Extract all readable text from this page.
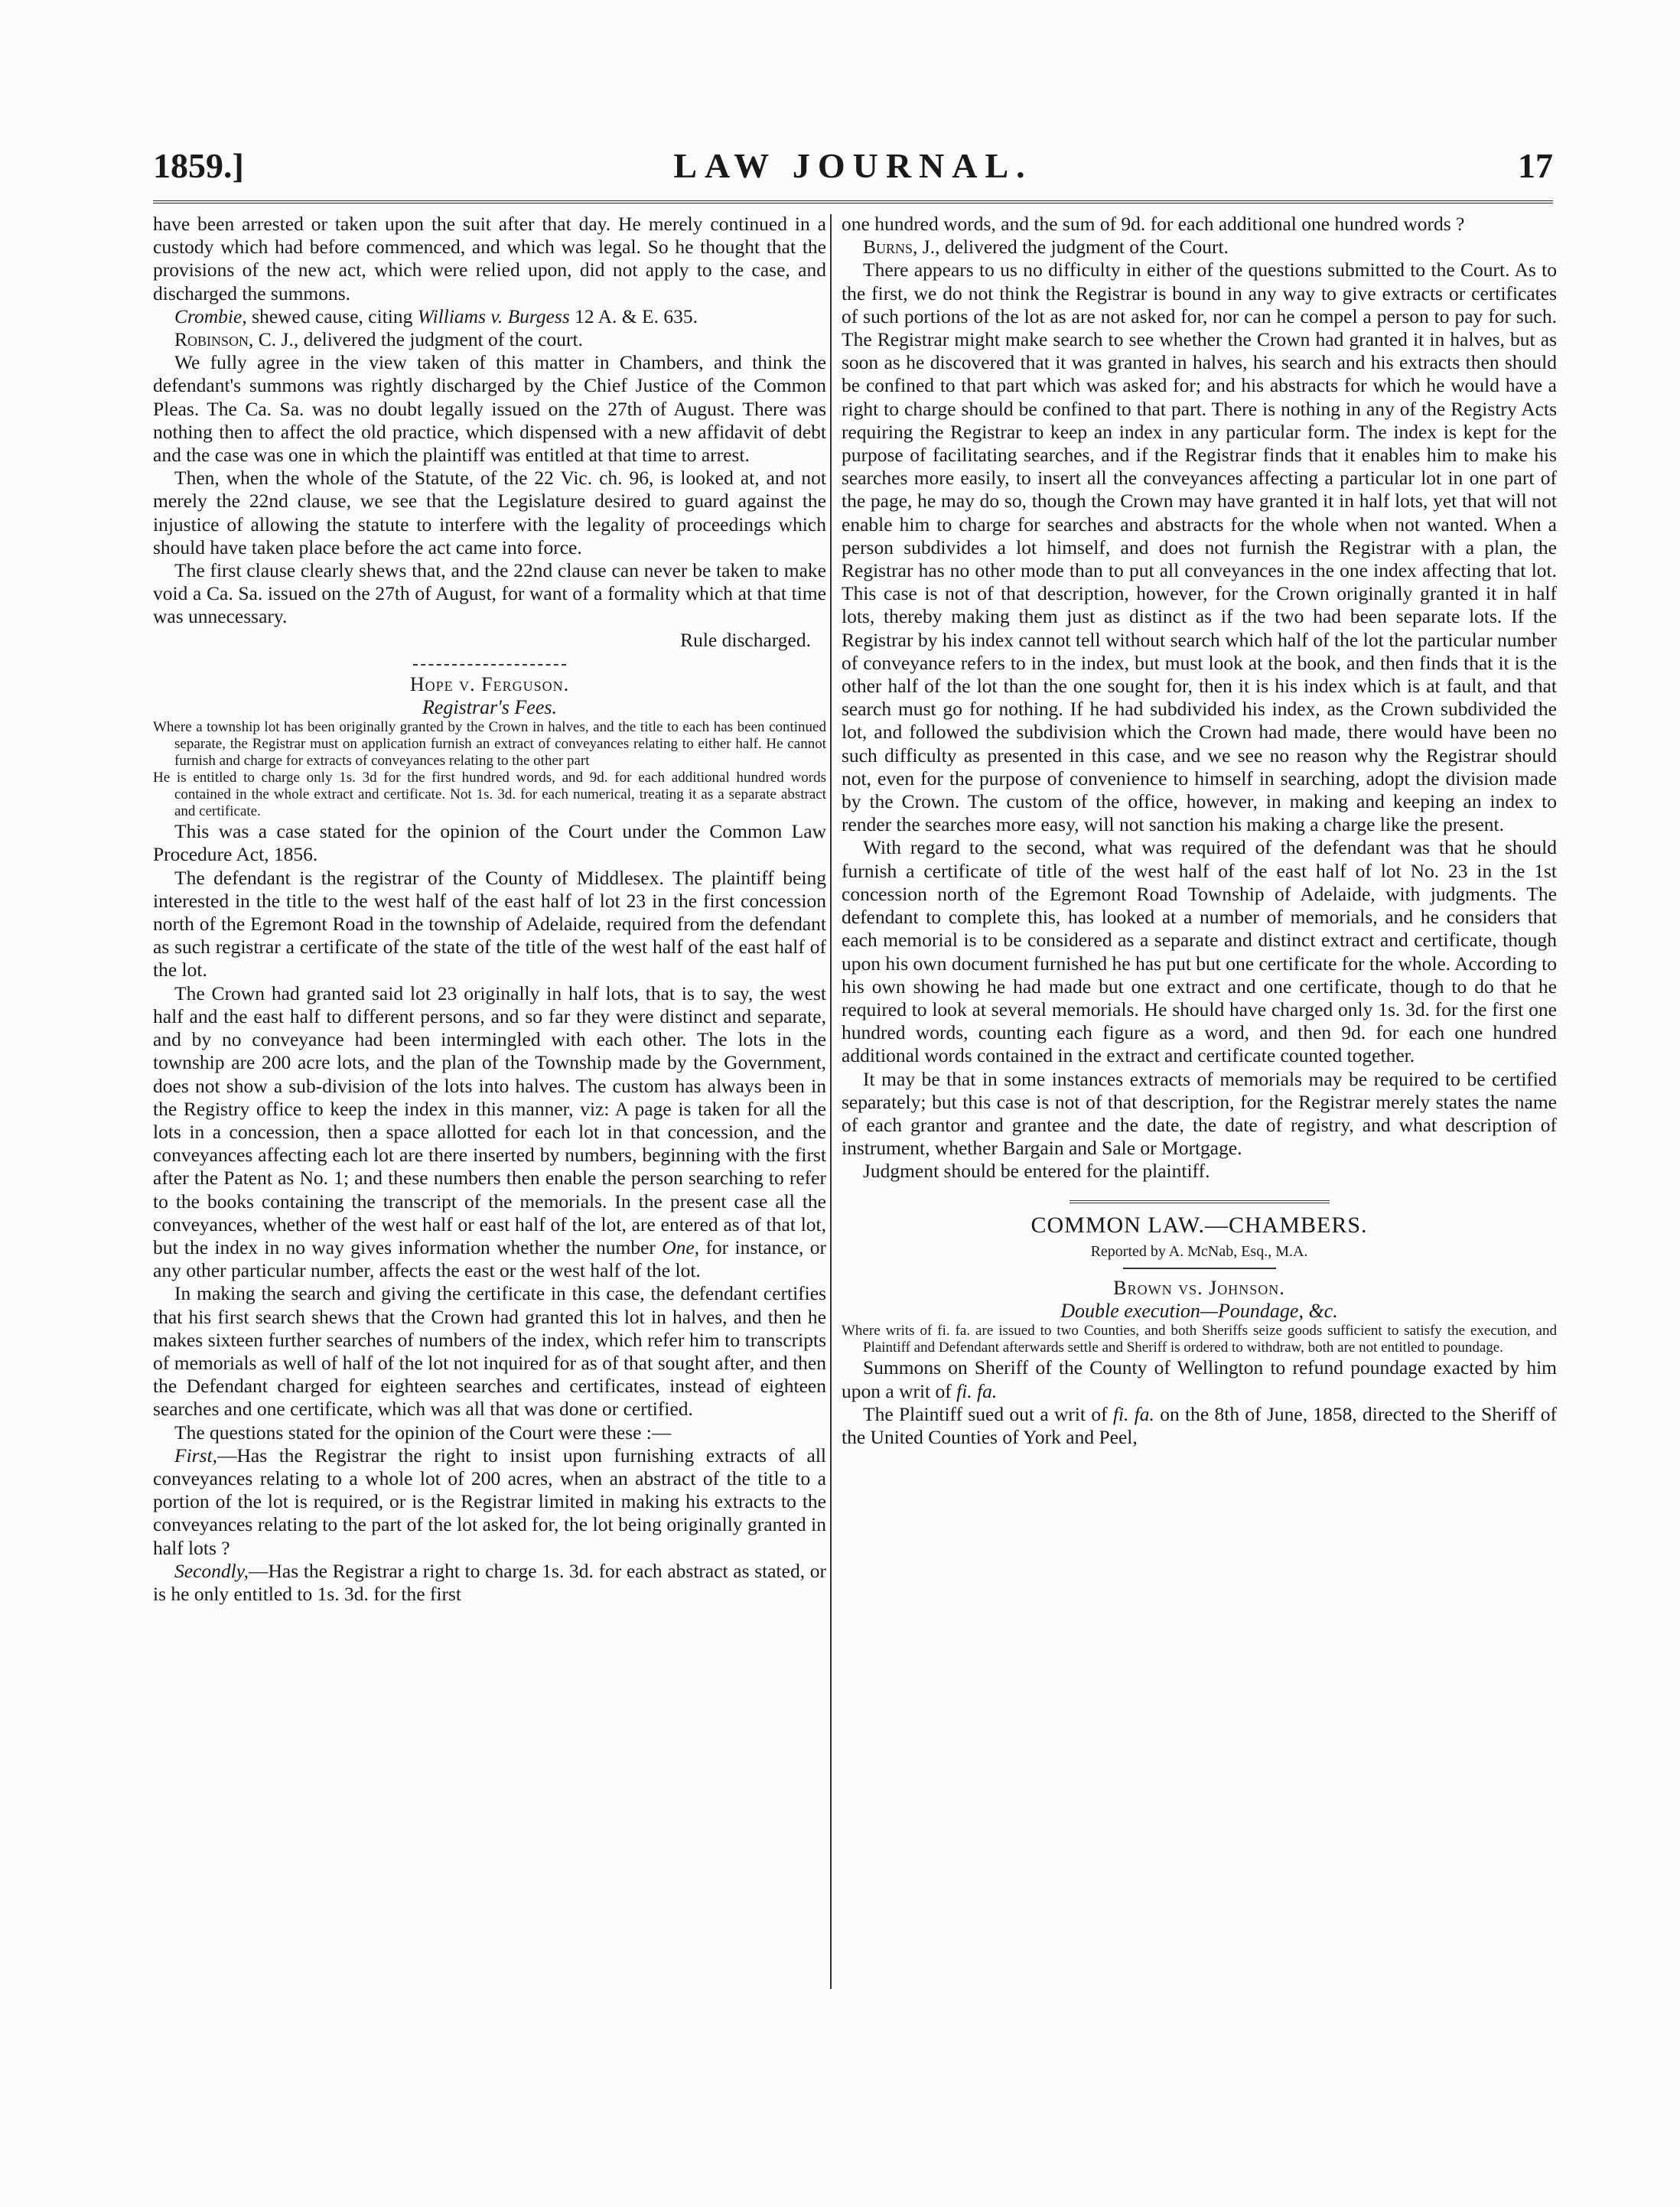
1859.]	LAW JOURNAL.	17

have been arrested or taken upon the suit after that day. He merely continued in a custody which had before commenced, and which was legal. So he thought that the provisions of the new act, which were relied upon, did not apply to the case, and discharged the summons.

Crombie, shewed cause, citing Williams v. Burgess 12 A. & E. 635.

Robinson, C. J., delivered the judgment of the court.

We fully agree in the view taken of this matter in Chambers, and think the defendant's summons was rightly discharged by the Chief Justice of the Common Pleas. The Ca. Sa. was no doubt legally issued on the 27th of August. There was nothing then to affect the old practice, which dispensed with a new affidavit of debt and the case was one in which the plaintiff was entitled at that time to arrest.

Then, when the whole of the Statute, of the 22 Vic. ch. 96, is looked at, and not merely the 22nd clause, we see that the Legislature desired to guard against the injustice of allowing the statute to interfere with the legality of proceedings which should have taken place before the act came into force.

The first clause clearly shews that, and the 22nd clause can never be taken to make void a Ca. Sa. issued on the 27th of August, for want of a formality which at that time was unnecessary.

Rule discharged.

Hope v. Ferguson.

Registrar's Fees.

Where a township lot has been originally granted by the Crown in halves, and the title to each has been continued separate, the Registrar must on application furnish an extract of conveyances relating to either half. He cannot furnish and charge for extracts of conveyances relating to the other part
He is entitled to charge only 1s. 3d for the first hundred words, and 9d. for each additional hundred words contained in the whole extract and certificate. Not 1s. 3d. for each numerical, treating it as a separate abstract and certificate.

This was a case stated for the opinion of the Court under the Common Law Procedure Act, 1856.

The defendant is the registrar of the County of Middlesex. The plaintiff being interested in the title to the west half of the east half of lot 23 in the first concession north of the Egremont Road in the township of Adelaide, required from the defendant as such registrar a certificate of the state of the title of the west half of the east half of the lot.

The Crown had granted said lot 23 originally in half lots, that is to say, the west half and the east half to different persons, and so far they were distinct and separate, and by no conveyance had been intermingled with each other. The lots in the township are 200 acre lots, and the plan of the Township made by the Government, does not show a sub-division of the lots into halves. The custom has always been in the Registry office to keep the index in this manner, viz: A page is taken for all the lots in a concession, then a space allotted for each lot in that concession, and the conveyances affecting each lot are there inserted by numbers, beginning with the first after the Patent as No. 1; and these numbers then enable the person searching to refer to the books containing the transcript of the memorials. In the present case all the conveyances, whether of the west half or east half of the lot, are entered as of that lot, but the index in no way gives information whether the number One, for instance, or any other particular number, affects the east or the west half of the lot.

In making the search and giving the certificate in this case, the defendant certifies that his first search shews that the Crown had granted this lot in halves, and then he makes sixteen further searches of numbers of the index, which refer him to transcripts of memorials as well of half of the lot not inquired for as of that sought after, and then the Defendant charged for eighteen searches and certificates, instead of eighteen searches and one certificate, which was all that was done or certified.

The questions stated for the opinion of the Court were these :—

First,—Has the Registrar the right to insist upon furnishing extracts of all conveyances relating to a whole lot of 200 acres, when an abstract of the title to a portion of the lot is required, or is the Registrar limited in making his extracts to the conveyances relating to the part of the lot asked for, the lot being originally granted in half lots ?

Secondly,—Has the Registrar a right to charge 1s. 3d. for each abstract as stated, or is he only entitled to 1s. 3d. for the first

one hundred words, and the sum of 9d. for each additional one hundred words ?

Burns, J., delivered the judgment of the Court.

There appears to us no difficulty in either of the questions submitted to the Court. As to the first, we do not think the Registrar is bound in any way to give extracts or certificates of such portions of the lot as are not asked for, nor can he compel a person to pay for such. The Registrar might make search to see whether the Crown had granted it in halves, but as soon as he discovered that it was granted in halves, his search and his extracts then should be confined to that part which was asked for; and his abstracts for which he would have a right to charge should be confined to that part. There is nothing in any of the Registry Acts requiring the Registrar to keep an index in any particular form. The index is kept for the purpose of facilitating searches, and if the Registrar finds that it enables him to make his searches more easily, to insert all the conveyances affecting a particular lot in one part of the page, he may do so, though the Crown may have granted it in half lots, yet that will not enable him to charge for searches and abstracts for the whole when not wanted. When a person subdivides a lot himself, and does not furnish the Registrar with a plan, the Registrar has no other mode than to put all conveyances in the one index affecting that lot. This case is not of that description, however, for the Crown originally granted it in half lots, thereby making them just as distinct as if the two had been separate lots. If the Registrar by his index cannot tell without search which half of the lot the particular number of conveyance refers to in the index, but must look at the book, and then finds that it is the other half of the lot than the one sought for, then it is his index which is at fault, and that search must go for nothing. If he had subdivided his index, as the Crown subdivided the lot, and followed the subdivision which the Crown had made, there would have been no such difficulty as presented in this case, and we see no reason why the Registrar should not, even for the purpose of convenience to himself in searching, adopt the division made by the Crown. The custom of the office, however, in making and keeping an index to render the searches more easy, will not sanction his making a charge like the present.

With regard to the second, what was required of the defendant was that he should furnish a certificate of title of the west half of the east half of lot No. 23 in the 1st concession north of the Egremont Road Township of Adelaide, with judgments. The defendant to complete this, has looked at a number of memorials, and he considers that each memorial is to be considered as a separate and distinct extract and certificate, though upon his own document furnished he has put but one certificate for the whole. According to his own showing he had made but one extract and one certificate, though to do that he required to look at several memorials. He should have charged only 1s. 3d. for the first one hundred words, counting each figure as a word, and then 9d. for each one hundred additional words contained in the extract and certificate counted together.

It may be that in some instances extracts of memorials may be required to be certified separately; but this case is not of that description, for the Registrar merely states the name of each grantor and grantee and the date, the date of registry, and what description of instrument, whether Bargain and Sale or Mortgage.

Judgment should be entered for the plaintiff.

COMMON LAW.—CHAMBERS.

Reported by A. McNab, Esq., M.A.

Brown vs. Johnson.

Double execution—Poundage, &c.

Where writs of fi. fa. are issued to two Counties, and both Sheriffs seize goods sufficient to satisfy the execution, and Plaintiff and Defendant afterwards settle and Sheriff is ordered to withdraw, both are not entitled to poundage.

Summons on Sheriff of the County of Wellington to refund poundage exacted by him upon a writ of fi. fa.

The Plaintiff sued out a writ of fi. fa. on the 8th of June, 1858, directed to the Sheriff of the United Counties of York and Peel,
